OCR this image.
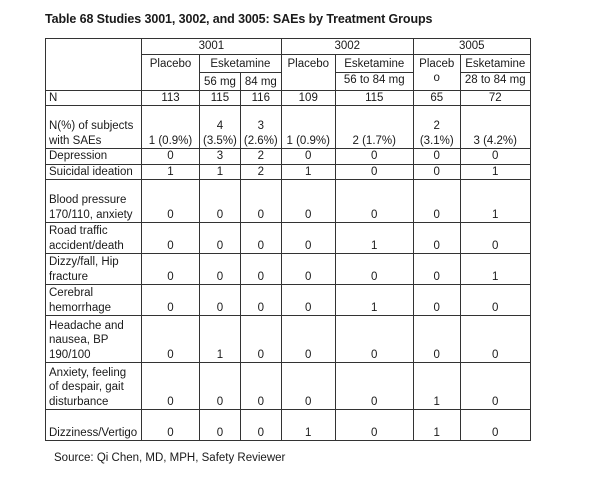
Table 68 Studies 3001, 3002, and 3005: SAEs by Treatment Groups
	3001			3002		3005	
	Placebo	Esketamine		Placebo	Esketamine	Placeb o	Esketamine
		56 mg	84 mg		56 to 84 mg		28 to 84 mg
N	113	115	116	109	115	65	72
N(%) of subjects with SAEs	1 (0.9%)	4 (3.5%)	3 (2.6%)	1 (0.9%)	2 (1.7%)	2 (3.1%)	3 (4.2%)
Depression	0	3	2	0	0	0	0
Suicidal ideation	1	1	2	1	0	0	1
Blood pressure 170/110, anxiety	0	0	0	0	0	0	1
Road traffic accident/death	0	0	0	0	1	0	0
Dizzy/fall, Hip fracture	0	0	0	0	0	0	1
Cerebral hemorrhage	0	0	0	0	1	0	0
Headache and nausea, BP 190/100	0	1	0	0	0	0	0
Anxiety, feeling of despair, gait disturbance	0	0	0	0	0	1	0
Dizziness/Vertigo	0	0	0	1	0	1	0
Source: Qi Chen, MD, MPH, Safety Reviewer
